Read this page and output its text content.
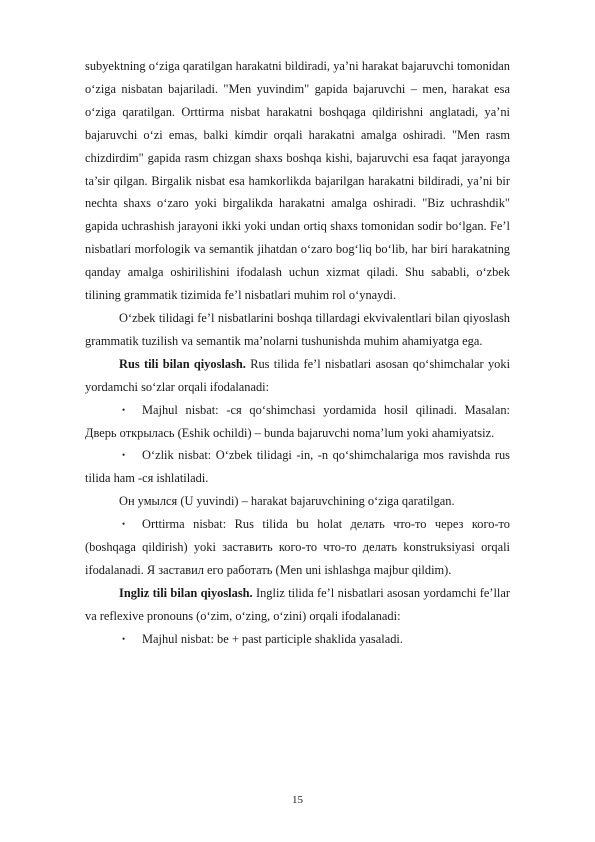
subyektning o‘ziga qaratilgan harakatni bildiradi, ya’ni harakat bajaruvchi tomonidan o‘ziga nisbatan bajariladi. "Men yuvindim" gapida bajaruvchi – men, harakat esa o‘ziga qaratilgan. Orttirma nisbat harakatni boshqaga qildirishni anglatadi, ya’ni bajaruvchi o‘zi emas, balki kimdir orqali harakatni amalga oshiradi. "Men rasm chizdirdim" gapida rasm chizgan shaxs boshqa kishi, bajaruvchi esa faqat jarayonga ta’sir qilgan. Birgalik nisbat esa hamkorlikda bajarilgan harakatni bildiradi, ya’ni bir nechta shaxs o‘zaro yoki birgalikda harakatni amalga oshiradi. "Biz uchrashdik" gapida uchrashish jarayoni ikki yoki undan ortiq shaxs tomonidan sodir bo‘lgan. Fe’l nisbatlari morfologik va semantik jihatdan o‘zaro bog‘liq bo‘lib, har biri harakatning qanday amalga oshirilishini ifodalash uchun xizmat qiladi. Shu sababli, o‘zbek tilining grammatik tizimida fe’l nisbatlari muhim rol o‘ynaydi.

O‘zbek tilidagi fe’l nisbatlarini boshqa tillardagi ekvivalentlari bilan qiyoslash grammatik tuzilish va semantik ma’nolarni tushunishda muhim ahamiyatga ega.

Rus tili bilan qiyoslash. Rus tilida fe’l nisbatlari asosan qo‘shimchalar yoki yordamchi so‘zlar orqali ifodalanadi:

• Majhul nisbat: -ся qo‘shimchasi yordamida hosil qilinadi. Masalan: Дверь открылась (Eshik ochildi) – bunda bajaruvchi noma’lum yoki ahamiyatsiz.

• O‘zlik nisbat: O‘zbek tilidagi -in, -n qo‘shimchalariga mos ravishda rus tilida ham -ся ishlatiladi.

Он умылся (U yuvindi) – harakat bajaruvchining o‘ziga qaratilgan.

• Orttirma nisbat: Rus tilida bu holat делать что-то через кого-то (boshqaga qildirish) yoki заставить кого-то что-то делать konstruksiyasi orqali ifodalanadi. Я заставил его работать (Men uni ishlashga majbur qildim).

Ingliz tili bilan qiyoslash. Ingliz tilida fe’l nisbatlari asosan yordamchi fe’llar va reflexive pronouns (o‘zim, o‘zing, o‘zini) orqali ifodalanadi:

• Majhul nisbat: be + past participle shaklida yasaladi.

15
